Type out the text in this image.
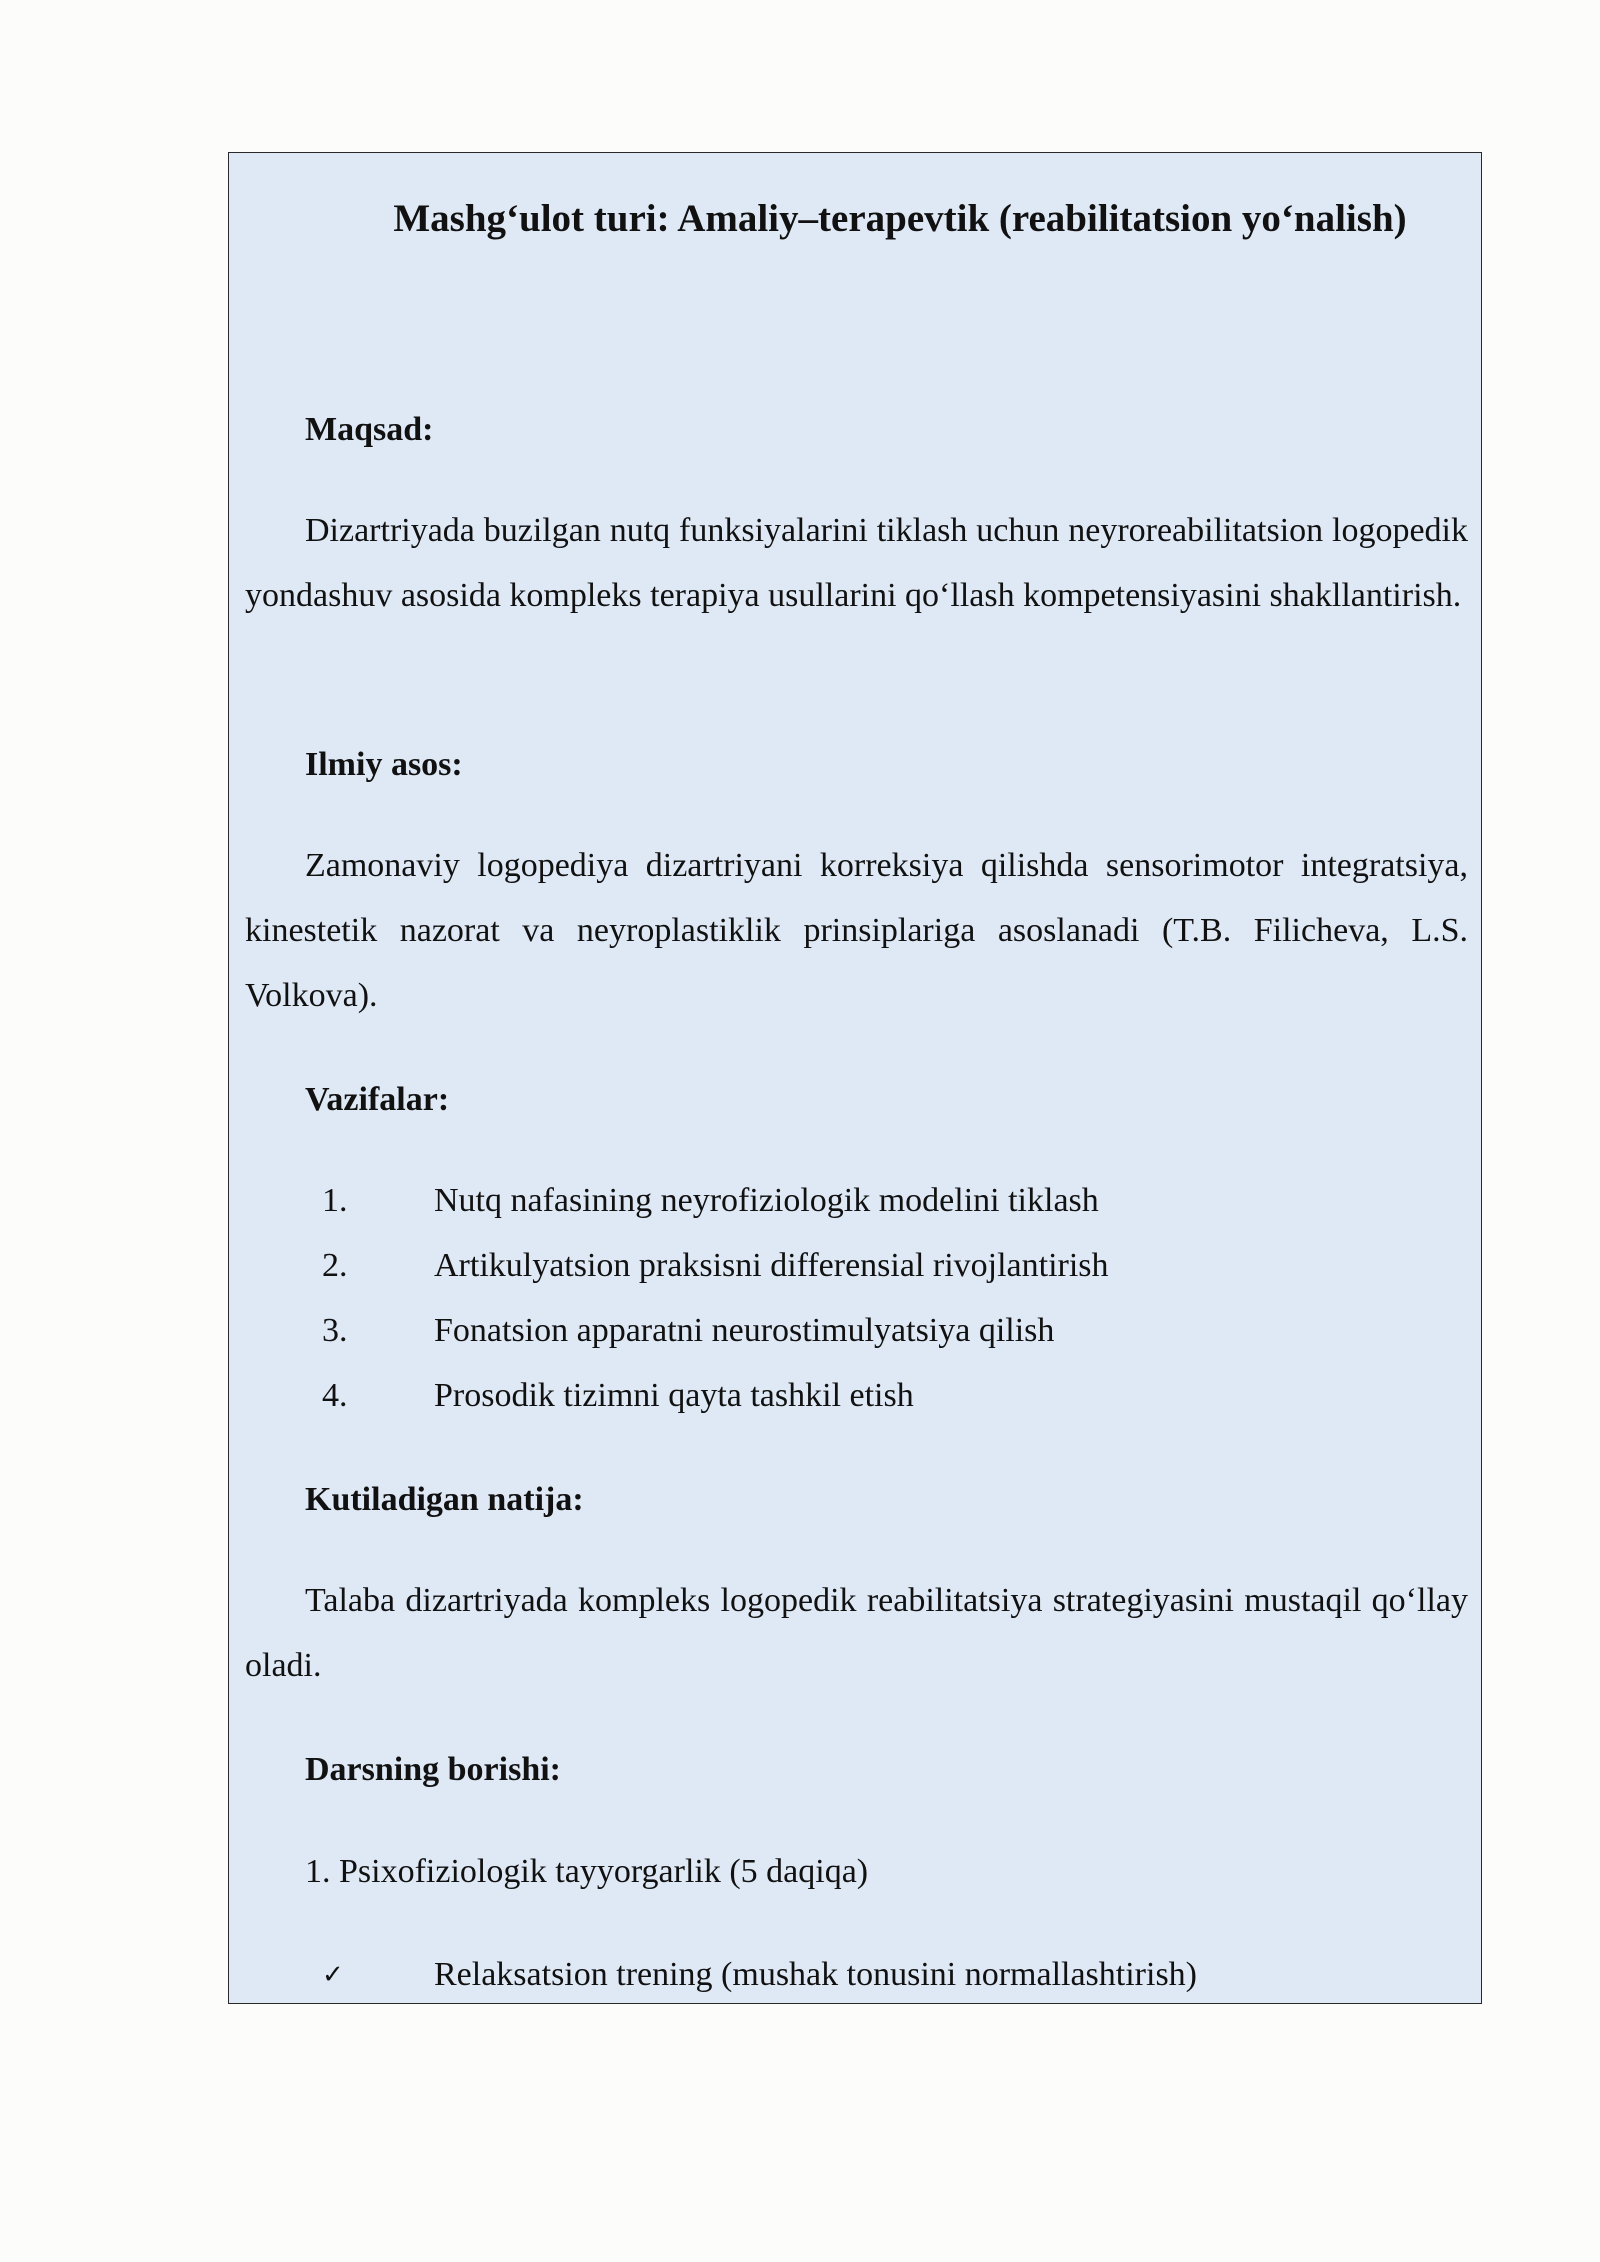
Mashg‘ulot turi: Amaliy–terapevtik (reabilitatsion yo‘nalish)
Maqsad:

Dizartriyada buzilgan nutq funksiyalarini tiklash uchun neyroreabilitatsion logopedik yondashuv asosida kompleks terapiya usullarini qo‘llash kompetensiyasini shakllantirish.

Ilmiy asos:

Zamonaviy logopediya dizartriyani korreksiya qilishda sensorimotor integratsiya, kinestetik nazorat va neyroplastiklik prinsiplariga asoslanadi (T.B. Filicheva, L.S. Volkova).

Vazifalar:
1.	Nutq nafasining neyrofiziologik modelini tiklash
2.	Artikulyatsion praksisni differensial rivojlantirish
3.	Fonatsion apparatni neurostimulyatsiya qilish
4.	Prosodik tizimni qayta tashkil etish
Kutiladigan natija:

Talaba dizartriyada kompleks logopedik reabilitatsiya strategiyasini mustaqil qo‘llay oladi.

Darsning borishi:
1. Psixofiziologik tayyorgarlik (5 daqiqa)
✓	Relaksatsion trening (mushak tonusini normallashtirish)
